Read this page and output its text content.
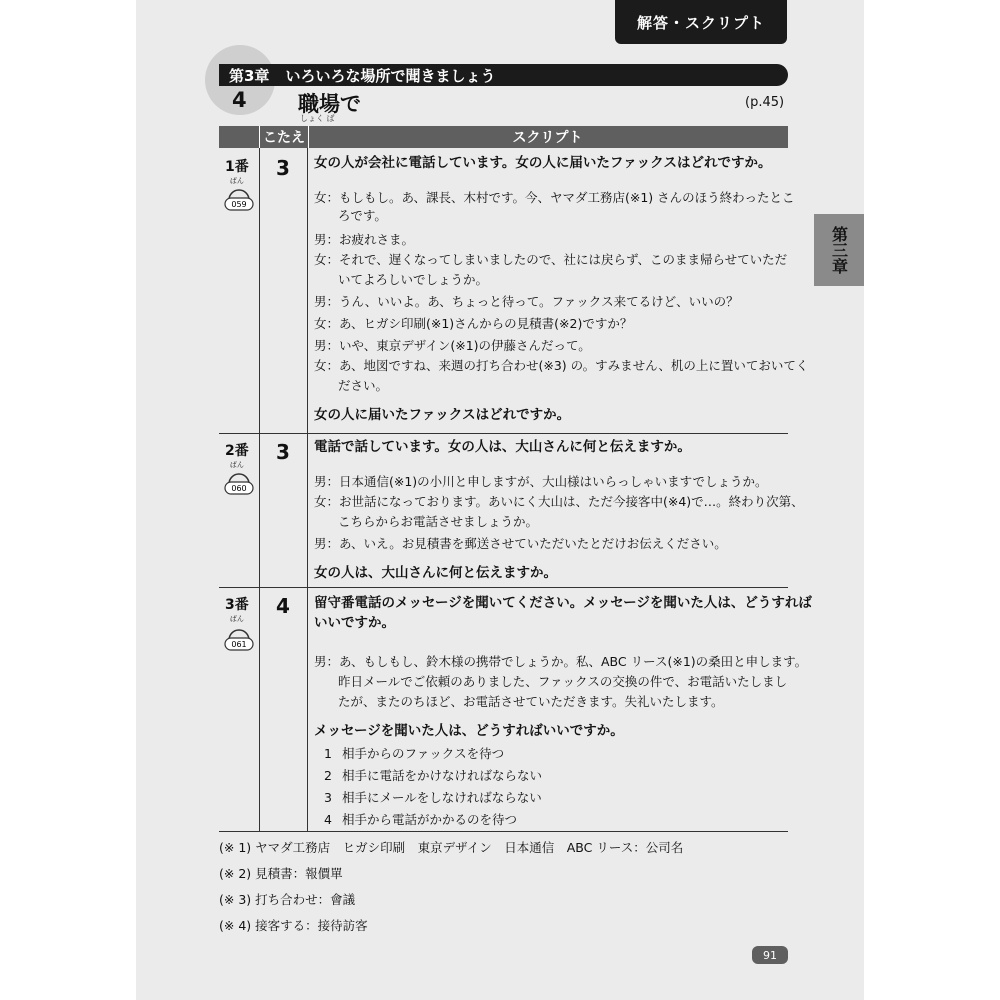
解答・スクリプト
第三章
第3章 いろいろな場所で聞きましょう
4 職場で
しょく ば
(p.45)
こたえ	スクリプト
1番
ばん
059
3 女の人が会社に電話しています。女の人に届いたファックスはどれですか。
女：もしもし。あ、課長、木村です。今、ヤマダ工務店(※1) さんのほう終わったとこ
ろです。
男：お疲れさま。
女：それで、遅くなってしまいましたので、社には戻らず、このまま帰らせていただ
いてよろしいでしょうか。
男：うん、いいよ。あ、ちょっと待って。ファックス来てるけど、いいの？
女：あ、ヒガシ印刷(※1)さんからの見積書(※2)ですか？
男：いや、東京デザイン(※1)の伊藤さんだって。
女：あ、地図ですね、来週の打ち合わせ(※3) の。すみません、机の上に置いておいてく
ださい。
女の人に届いたファックスはどれですか。
2番
ばん
060
3 電話で話しています。女の人は、大山さんに何と伝えますか。
男：日本通信(※1)の小川と申しますが、大山様はいらっしゃいますでしょうか。
女：お世話になっております。あいにく大山は、ただ今接客中(※4)で…。終わり次第、
こちらからお電話させましょうか。
男：あ、いえ。お見積書を郵送させていただいたとだけお伝えください。
女の人は、大山さんに何と伝えますか。
3番
ばん
061
4 留守番電話のメッセージを聞いてください。メッセージを聞いた人は、どうすれば
いいですか。
男：あ、もしもし、鈴木様の携帯でしょうか。私、ABC リース(※1)の桑田と申します。
昨日メールでご依頼のありました、ファックスの交換の件で、お電話いたしまし
たが、またのちほど、お電話させていただきます。失礼いたします。
メッセージを聞いた人は、どうすればいいですか。
1 相手からのファックスを待つ
2 相手に電話をかけなければならない
3 相手にメールをしなければならない
4 相手から電話がかかるのを待つ
(※ 1) ヤマダ工務店　ヒガシ印刷　東京デザイン　日本通信　ABC リース：公司名
(※ 2) 見積書：報價單
(※ 3) 打ち合わせ：會議
(※ 4) 接客する：接待訪客
91
